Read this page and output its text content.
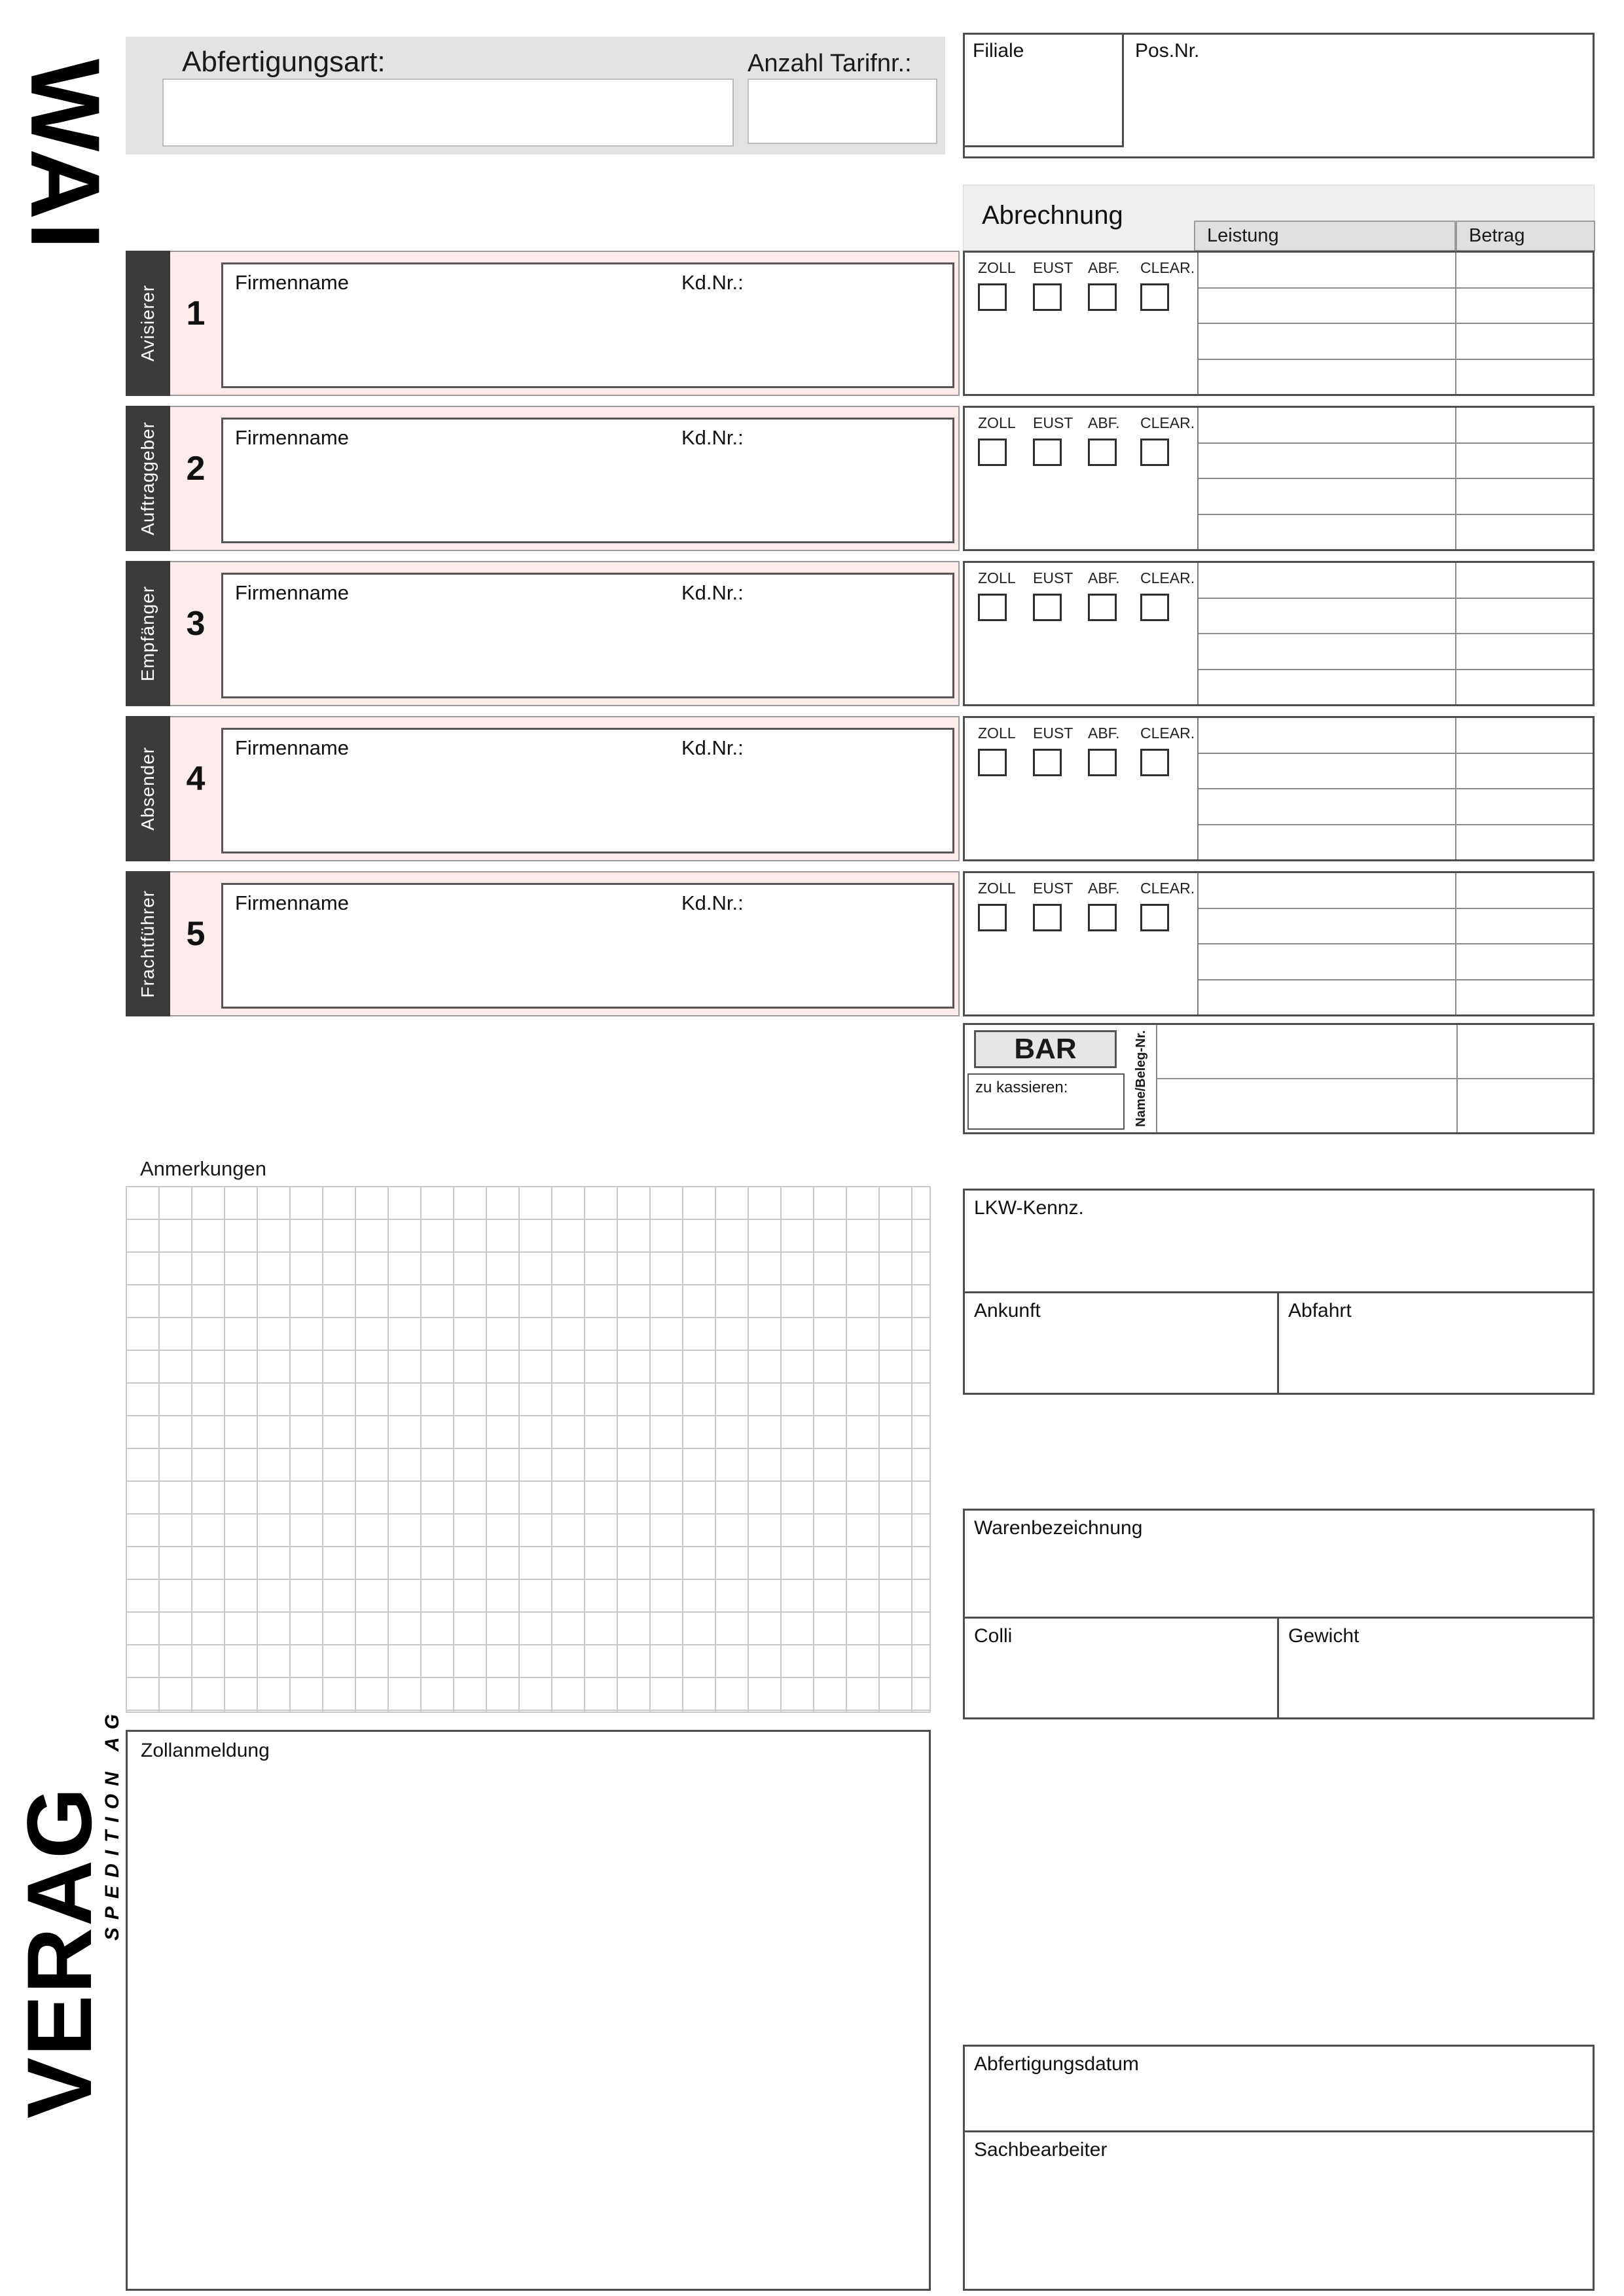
WAI
VERAG
SPEDITION AG
Abfertigungsart:	Anzahl Tarifnr.:	Filiale	Pos.Nr.
Abrechnung
Leistung	Betrag
Avisierer 1
Firmenname	Kd.Nr.:
ZOLL	EUST ABF.	CLEAR.
Auftraggeber 2
Firmenname	Kd.Nr.:
ZOLL	EUST ABF.	CLEAR.
Empfänger 3
Firmenname	Kd.Nr.:
ZOLL	EUST ABF.	CLEAR.
Absender 4
Firmenname	Kd.Nr.:
ZOLL	EUST ABF.	CLEAR.
Frachtführer 5
Firmenname	Kd.Nr.:
ZOLL	EUST ABF.	CLEAR.
BAR
zu kassieren:	Name/Beleg-Nr.
Anmerkungen
LKW-Kennz.
Ankunft	Abfahrt
Warenbezeichnung
Colli	Gewicht
Zollanmeldung
Abfertigungsdatum
Sachbearbeiter
